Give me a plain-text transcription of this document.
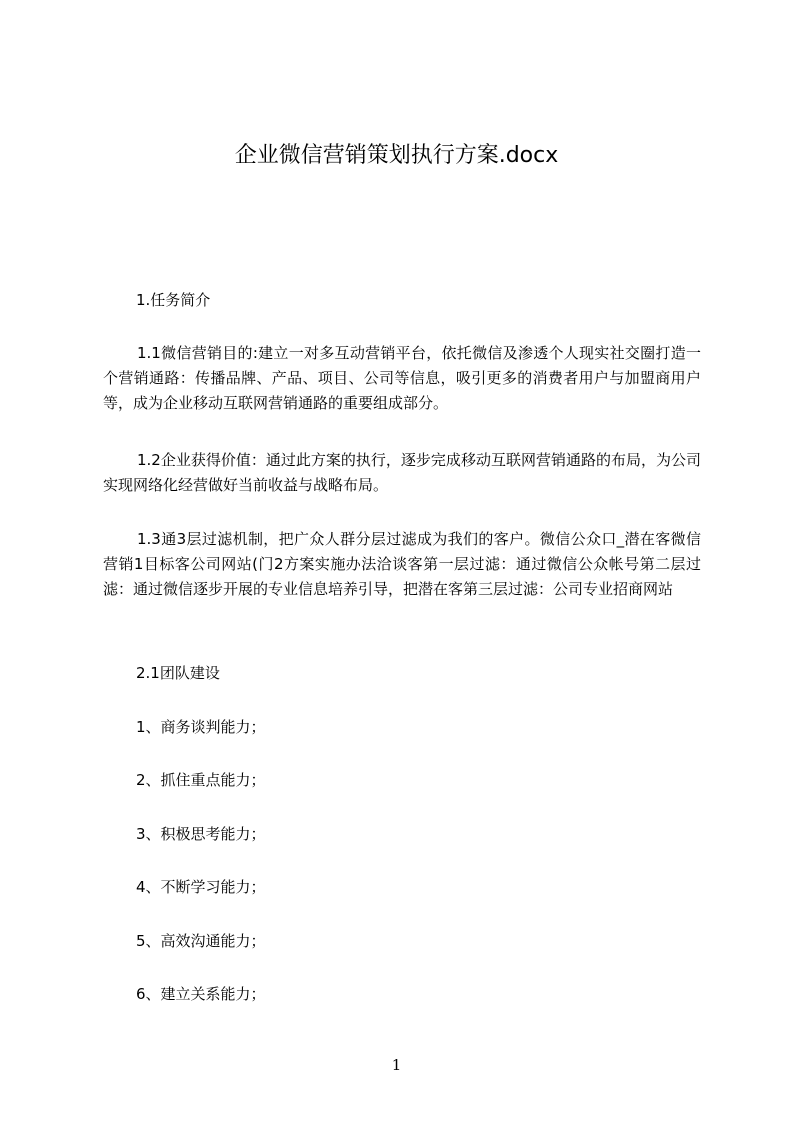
企业微信营销策划执行方案.docx
1.任务简介
1.1微信营销目的:建立一对多互动营销平台，依托微信及渗透个人现实社交圈打造一个营销通路：传播品牌、产品、项目、公司等信息，吸引更多的消费者用户与加盟商用户等，成为企业移动互联网营销通路的重要组成部分。
1.2企业获得价值：通过此方案的执行，逐步完成移动互联网营销通路的布局，为公司实现网络化经营做好当前收益与战略布局。
1.3通3层过滤机制，把广众人群分层过滤成为我们的客户。微信公众口_潜在客微信营销1目标客公司网站(门2方案实施办法洽谈客第一层过滤：通过微信公众帐号第二层过滤：通过微信逐步开展的专业信息培养引导，把潜在客第三层过滤：公司专业招商网站
2.1团队建设
1、商务谈判能力；
2、抓住重点能力；
3、积极思考能力；
4、不断学习能力；
5、高效沟通能力；
6、建立关系能力；
1
